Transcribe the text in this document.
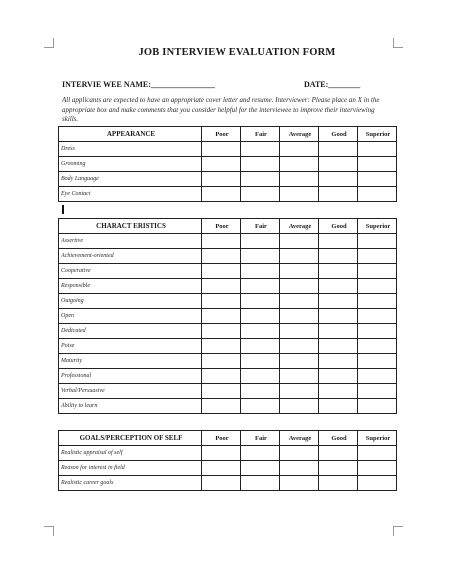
JOB INTERVIEW EVALUATION FORM
INTERVIE WEE NAME:________________	DATE:________
All applicants are expected to have an appropriate cover letter and resume. Interviewer: Please place an X in the appropriate box and make comments that you consider helpful for the interviewee to improve their interviewing skills.
APPEARANCE	Poor	Fair	Average	Good	Superior
Dress					
Grooming					
Body Language					
Eye Contact					
CHARACT ERISTICS	Poor	Fair	Average	Good	Superior
Assertive					
Achievement-oriented					
Cooperative					
Responsible					
Outgoing					
Open					
Dedicated					
Poise					
Maturity					
Professional					
Verbal/Persuasive					
Ability to learn					
GOALS/PERCEPTION OF SELF	Poor	Fair	Average	Good	Superior
Realistic appraisal of self					
Reason for interest in field					
Realistic career goals					
